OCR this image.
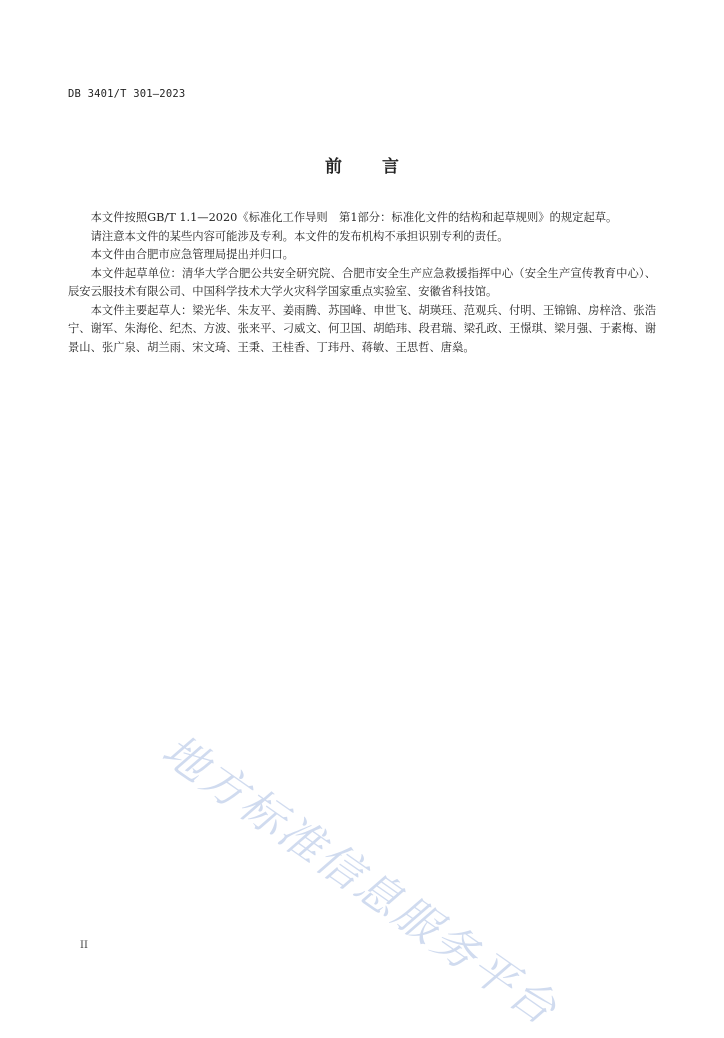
DB 3401/T 301—2023
前言

本文件按照GB/T 1.1—2020《标准化工作导则　第1部分：标准化文件的结构和起草规则》的规定起草。

请注意本文件的某些内容可能涉及专利。本文件的发布机构不承担识别专利的责任。

本文件由合肥市应急管理局提出并归口。

本文件起草单位：清华大学合肥公共安全研究院、合肥市安全生产应急救援指挥中心（安全生产宣传教育中心）、辰安云服技术有限公司、中国科学技术大学火灾科学国家重点实验室、安徽省科技馆。

本文件主要起草人：梁光华、朱友平、姜雨腾、苏国峰、申世飞、胡瑛珏、范观兵、付明、王锦锦、房梓浛、张浩宁、谢军、朱海伦、纪杰、方波、张来平、刁威文、何卫国、胡皓玮、段君瑞、梁孔政、王憬琪、梁月强、于素梅、谢景山、张广泉、胡兰雨、宋文琦、王秉、王桂香、丁玮丹、蒋敏、王思哲、唐燊。

地方标准信息服务平台
II
